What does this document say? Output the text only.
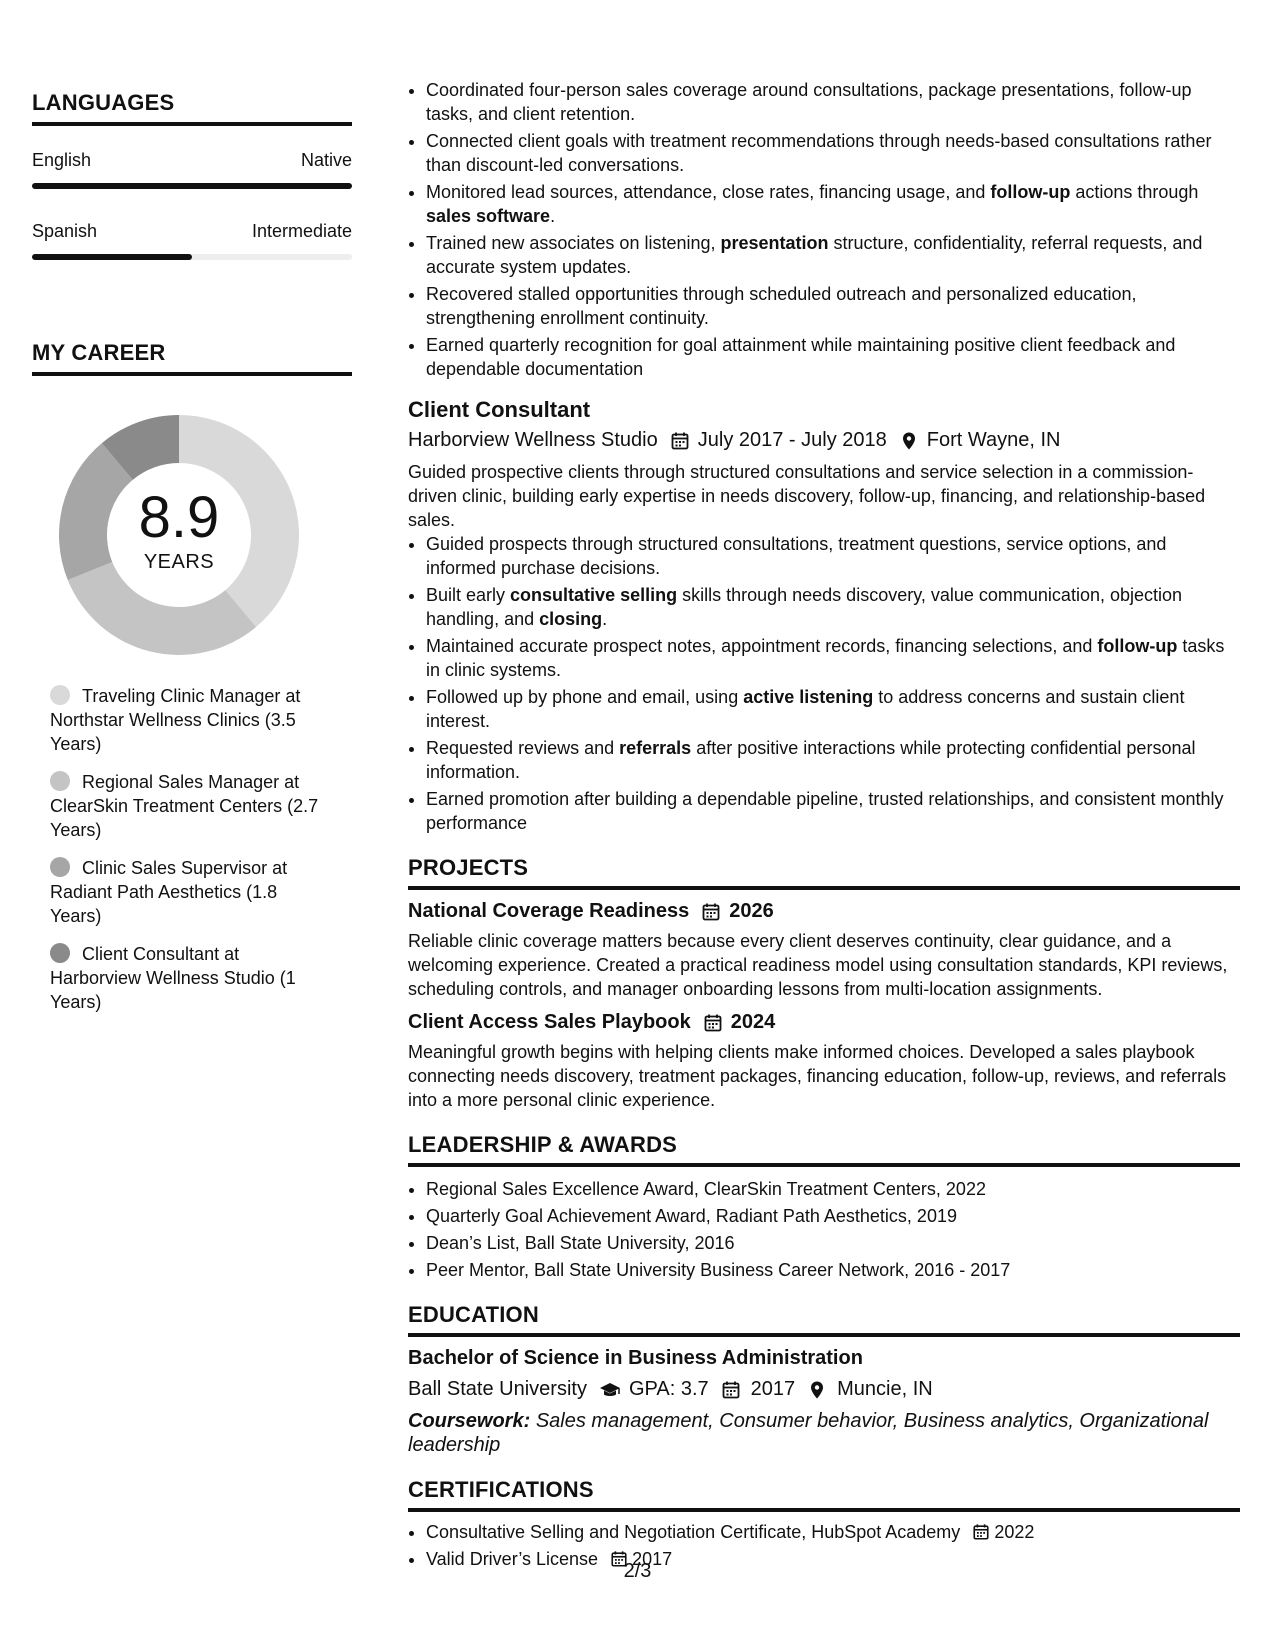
LANGUAGES
English	Native
Spanish	Intermediate
MY CAREER
8.9
YEARS
Traveling Clinic Manager at Northstar Wellness Clinics (3.5 Years)
Regional Sales Manager at ClearSkin Treatment Centers (2.7 Years)
Clinic Sales Supervisor at Radiant Path Aesthetics (1.8 Years)
Client Consultant at Harborview Wellness Studio (1 Years)
• Coordinated four-person sales coverage around consultations, package presentations, follow-up tasks, and client retention.
• Connected client goals with treatment recommendations through needs-based consultations rather than discount-led conversations.
• Monitored lead sources, attendance, close rates, financing usage, and follow-up actions through sales software.
• Trained new associates on listening, presentation structure, confidentiality, referral requests, and accurate system updates.
• Recovered stalled opportunities through scheduled outreach and personalized education, strengthening enrollment continuity.
• Earned quarterly recognition for goal attainment while maintaining positive client feedback and dependable documentation
Client Consultant
Harborview Wellness Studio July 2017 - July 2018 Fort Wayne, IN
Guided prospective clients through structured consultations and service selection in a commission-driven clinic, building early expertise in needs discovery, follow-up, financing, and relationship-based sales.
• Guided prospects through structured consultations, treatment questions, service options, and informed purchase decisions.
• Built early consultative selling skills through needs discovery, value communication, objection handling, and closing.
• Maintained accurate prospect notes, appointment records, financing selections, and follow-up tasks in clinic systems.
• Followed up by phone and email, using active listening to address concerns and sustain client interest.
• Requested reviews and referrals after positive interactions while protecting confidential personal information.
• Earned promotion after building a dependable pipeline, trusted relationships, and consistent monthly performance
PROJECTS
National Coverage Readiness 2026
Reliable clinic coverage matters because every client deserves continuity, clear guidance, and a welcoming experience. Created a practical readiness model using consultation standards, KPI reviews, scheduling controls, and manager onboarding lessons from multi-location assignments.
Client Access Sales Playbook 2024
Meaningful growth begins with helping clients make informed choices. Developed a sales playbook connecting needs discovery, treatment packages, financing education, follow-up, reviews, and referrals into a more personal clinic experience.
LEADERSHIP & AWARDS
• Regional Sales Excellence Award, ClearSkin Treatment Centers, 2022
• Quarterly Goal Achievement Award, Radiant Path Aesthetics, 2019
• Dean’s List, Ball State University, 2016
• Peer Mentor, Ball State University Business Career Network, 2016 - 2017
EDUCATION
Bachelor of Science in Business Administration
Ball State University GPA: 3.7 2017 Muncie, IN
Coursework: Sales management, Consumer behavior, Business analytics, Organizational leadership
CERTIFICATIONS
• Consultative Selling and Negotiation Certificate, HubSpot Academy 2022
• Valid Driver’s License 2017
2/3
